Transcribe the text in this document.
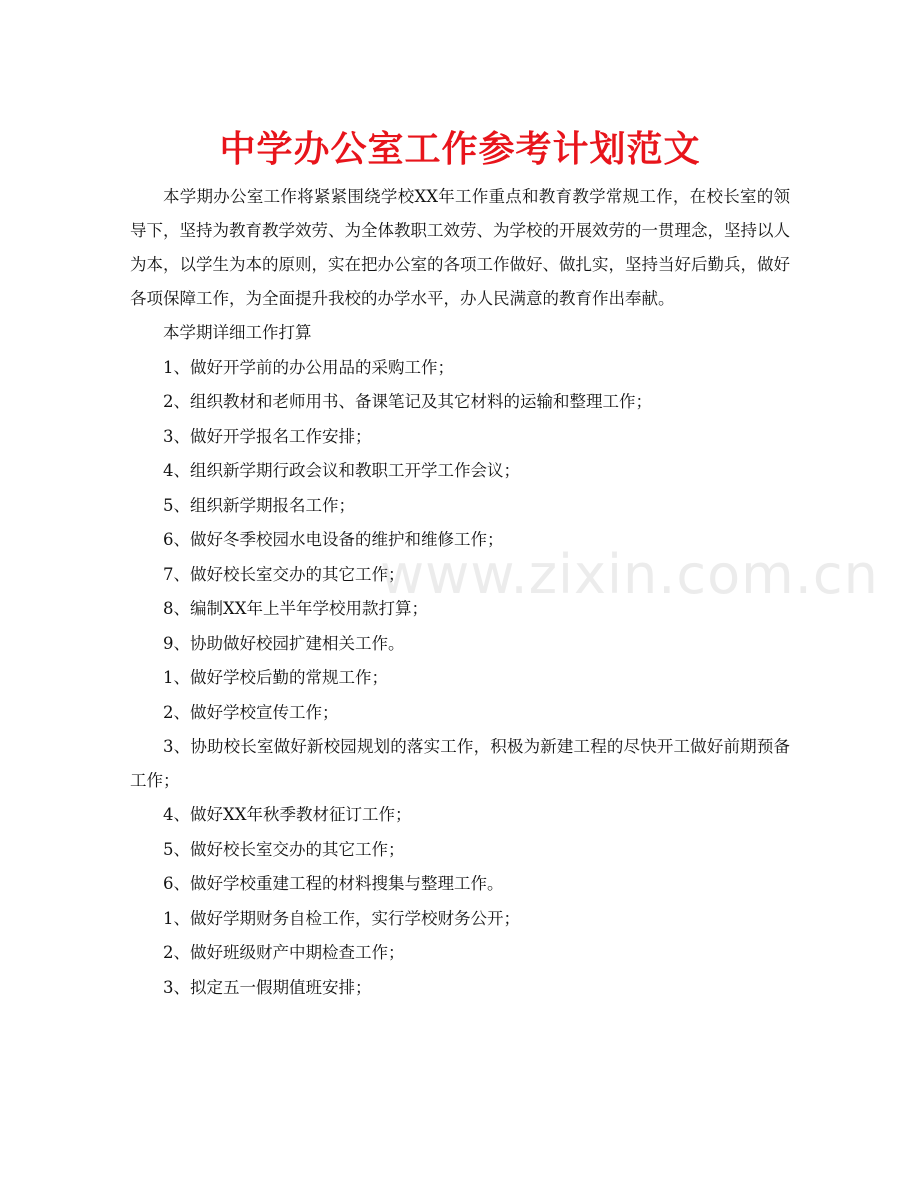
中学办公室工作参考计划范文

本学期办公室工作将紧紧围绕学校XX年工作重点和教育教学常规工作，在校长室的领导下，坚持为教育教学效劳、为全体教职工效劳、为学校的开展效劳的一贯理念，坚持以人为本，以学生为本的原则，实在把办公室的各项工作做好、做扎实，坚持当好后勤兵，做好各项保障工作，为全面提升我校的办学水平，办人民满意的教育作出奉献。

本学期详细工作打算

1、做好开学前的办公用品的采购工作；

2、组织教材和老师用书、备课笔记及其它材料的运输和整理工作；

3、做好开学报名工作安排；

4、组织新学期行政会议和教职工开学工作会议；

5、组织新学期报名工作；

6、做好冬季校园水电设备的维护和维修工作；

7、做好校长室交办的其它工作；

8、编制XX年上半年学校用款打算；

9、协助做好校园扩建相关工作。

1、做好学校后勤的常规工作；

2、做好学校宣传工作；

3、协助校长室做好新校园规划的落实工作，积极为新建工程的尽快开工做好前期预备工作；

4、做好XX年秋季教材征订工作；

5、做好校长室交办的其它工作；

6、做好学校重建工程的材料搜集与整理工作。

1、做好学期财务自检工作，实行学校财务公开；

2、做好班级财产中期检查工作；

3、拟定五一假期值班安排；

www.zixin.com.cn
